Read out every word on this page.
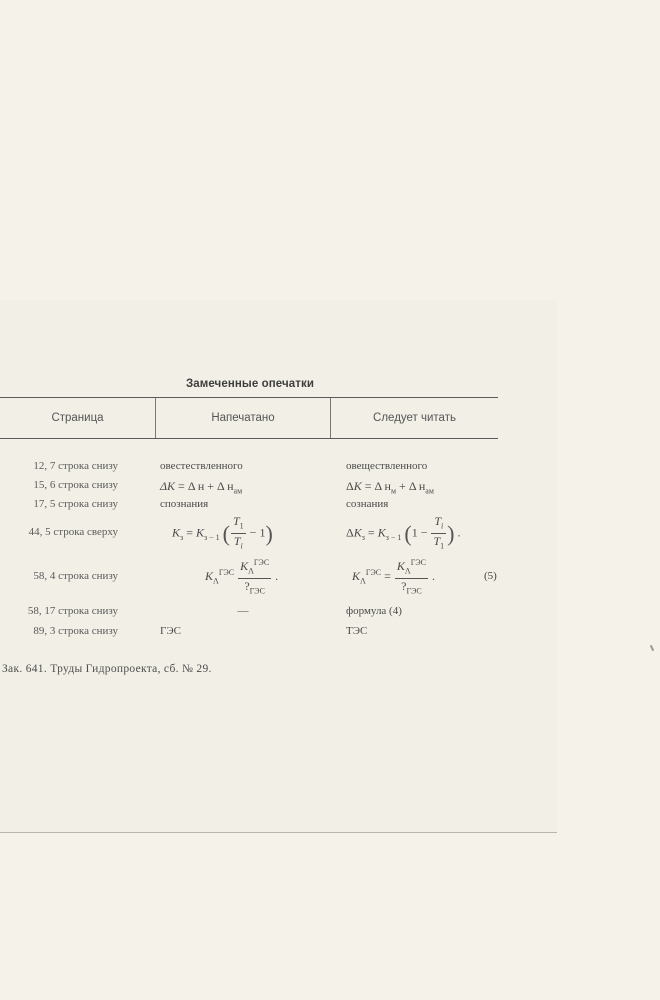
Замеченные опечатки
Страница	Напечатано	Следует читать
12, 7 строка снизу	овестествленного	овеществленного
15, 6 строка снизу	ΔK = Δ н + Δ $н_{ам}$	ΔK = Δ $н_м + \Delta$ $н_{ам}$
17, 5 строка снизу	спознания	сознания
44, 5 строка сверху	$K_з = K_{з - 1}$ ( $\frac{T_1}{T_i} - 1$)	$\Delta K_з = K_{з - 1}$ ($1 - \frac{T_i}{T_1}$ ) .
58, 4 строка снизу	$K_\Lambda^{ГЭС} \frac{K_\Lambda^{ГЭС}}{?_{ГЭС}}$ .	$K_\Lambda^{ГЭС} = \frac{K_\Lambda^{ГЭС}}{?_{ГЭС}}$ .	(5)
58, 17 строка снизу	—	формула (4)
89, 3 строка снизу	ГЭС	ТЭС
Зак. 641. Труды Гидропроекта, сб. № 29.
